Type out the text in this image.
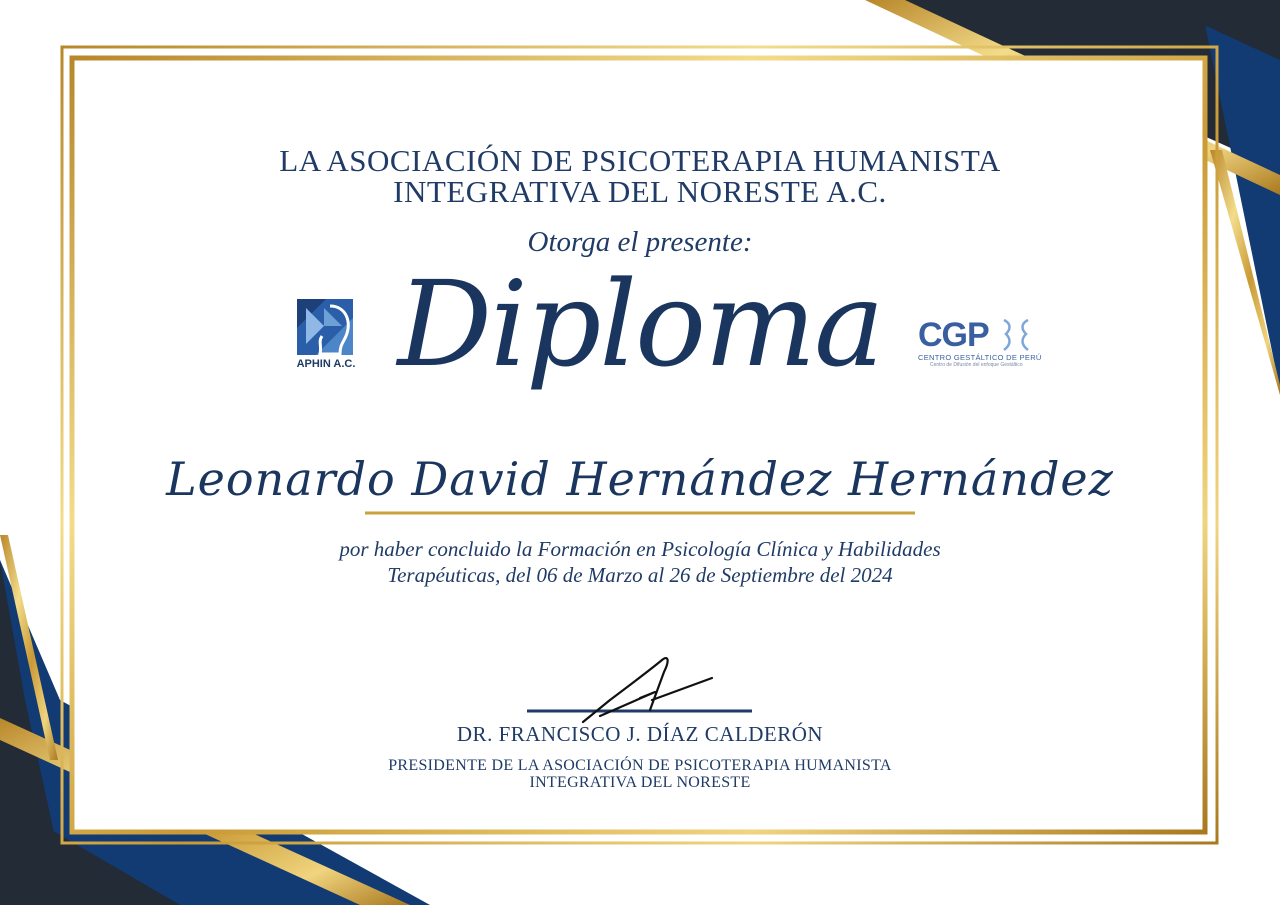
APHIN A.C.
CGP
CENTRO GESTÁLTICO DE PERÚ
Centro de Difusión del enfoque Gestáltico
LA ASOCIACIÓN DE PSICOTERAPIA HUMANISTA
INTEGRATIVA DEL NORESTE A.C.
Otorga el presente:
Diploma
Leonardo David Hernández Hernández
por haber concluido la Formación en Psicología Clínica y Habilidades
Terapéuticas, del 06 de Marzo al 26 de Septiembre del 2024
DR. FRANCISCO J. DÍAZ CALDERÓN
PRESIDENTE DE LA ASOCIACIÓN DE PSICOTERAPIA HUMANISTA
INTEGRATIVA DEL NORESTE
